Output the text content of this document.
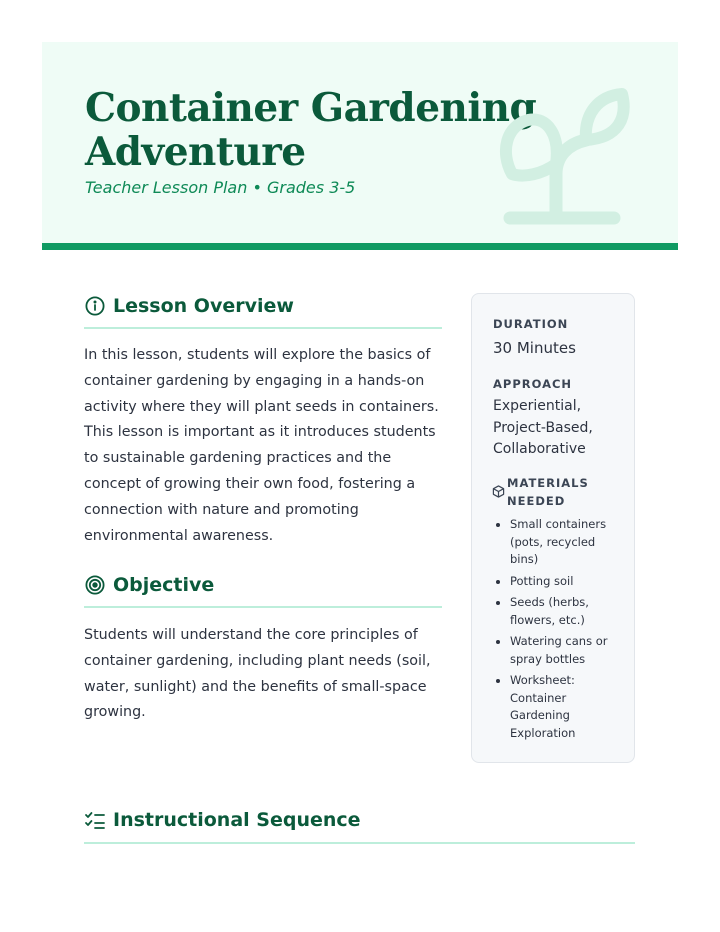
Container Gardening
Adventure
Teacher Lesson Plan • Grades 3-5
Lesson Overview

In this lesson, students will explore the basics of container gardening by engaging in a hands-on activity where they will plant seeds in containers. This lesson is important as it introduces students to sustainable gardening practices and the concept of growing their own food, fostering a connection with nature and promoting environmental awareness.

Objective

Students will understand the core principles of container gardening, including plant needs (soil, water, sunlight) and the benefits of small-space growing.

Instructional Sequence
DURATION
30 Minutes
APPROACH
Experiential, Project-Based, Collaborative
MATERIALS NEEDED
Small containers (pots, recycled bins)
Potting soil
Seeds (herbs, flowers, etc.)
Watering cans or spray bottles
Worksheet: Container Gardening Exploration
